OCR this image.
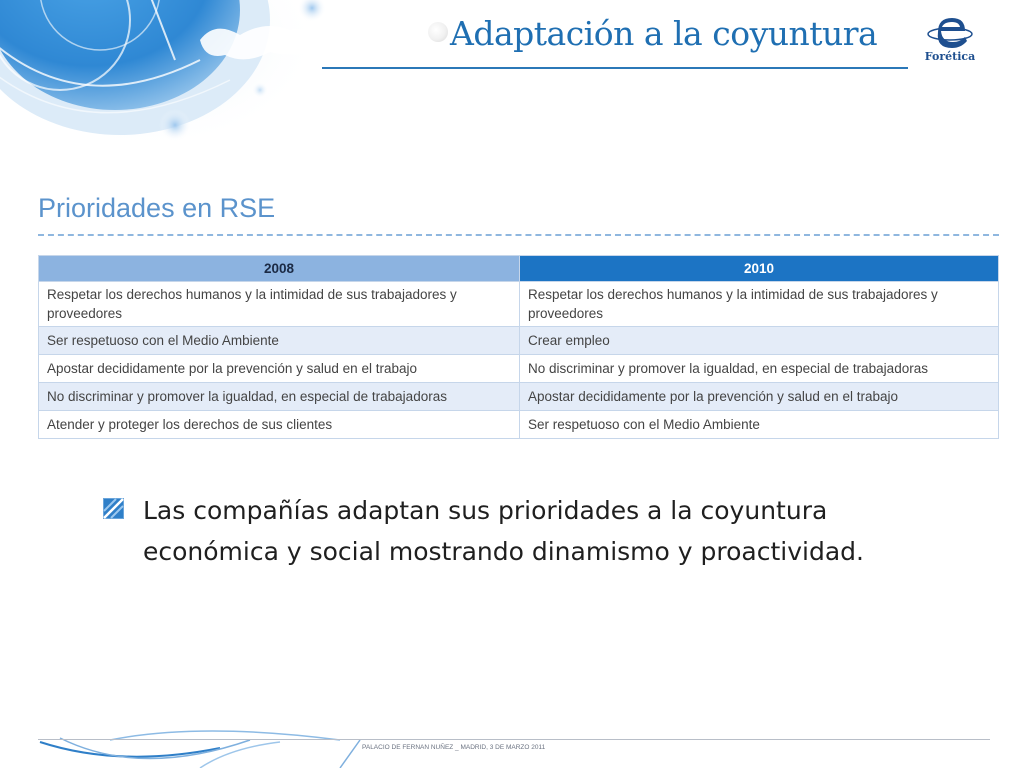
Adaptación a la coyuntura
Forética
Prioridades en RSE
2008	2010
Respetar los derechos humanos y la intimidad de sus trabajadores y proveedores	Respetar los derechos humanos y la intimidad de sus trabajadores y proveedores
Ser respetuoso con el Medio Ambiente	Crear empleo
Apostar decididamente por la prevención y salud en el trabajo	No discriminar y promover la igualdad, en especial de trabajadoras
No discriminar y promover la igualdad, en especial de trabajadoras	Apostar decididamente por la prevención y salud en el trabajo
Atender y proteger los derechos de sus clientes	Ser respetuoso con el Medio Ambiente
Las compañías adaptan sus prioridades a la coyuntura económica y social mostrando dinamismo y proactividad.
PALACIO DE FERNAN NUÑEZ _ MADRID, 3 DE MARZO 2011
